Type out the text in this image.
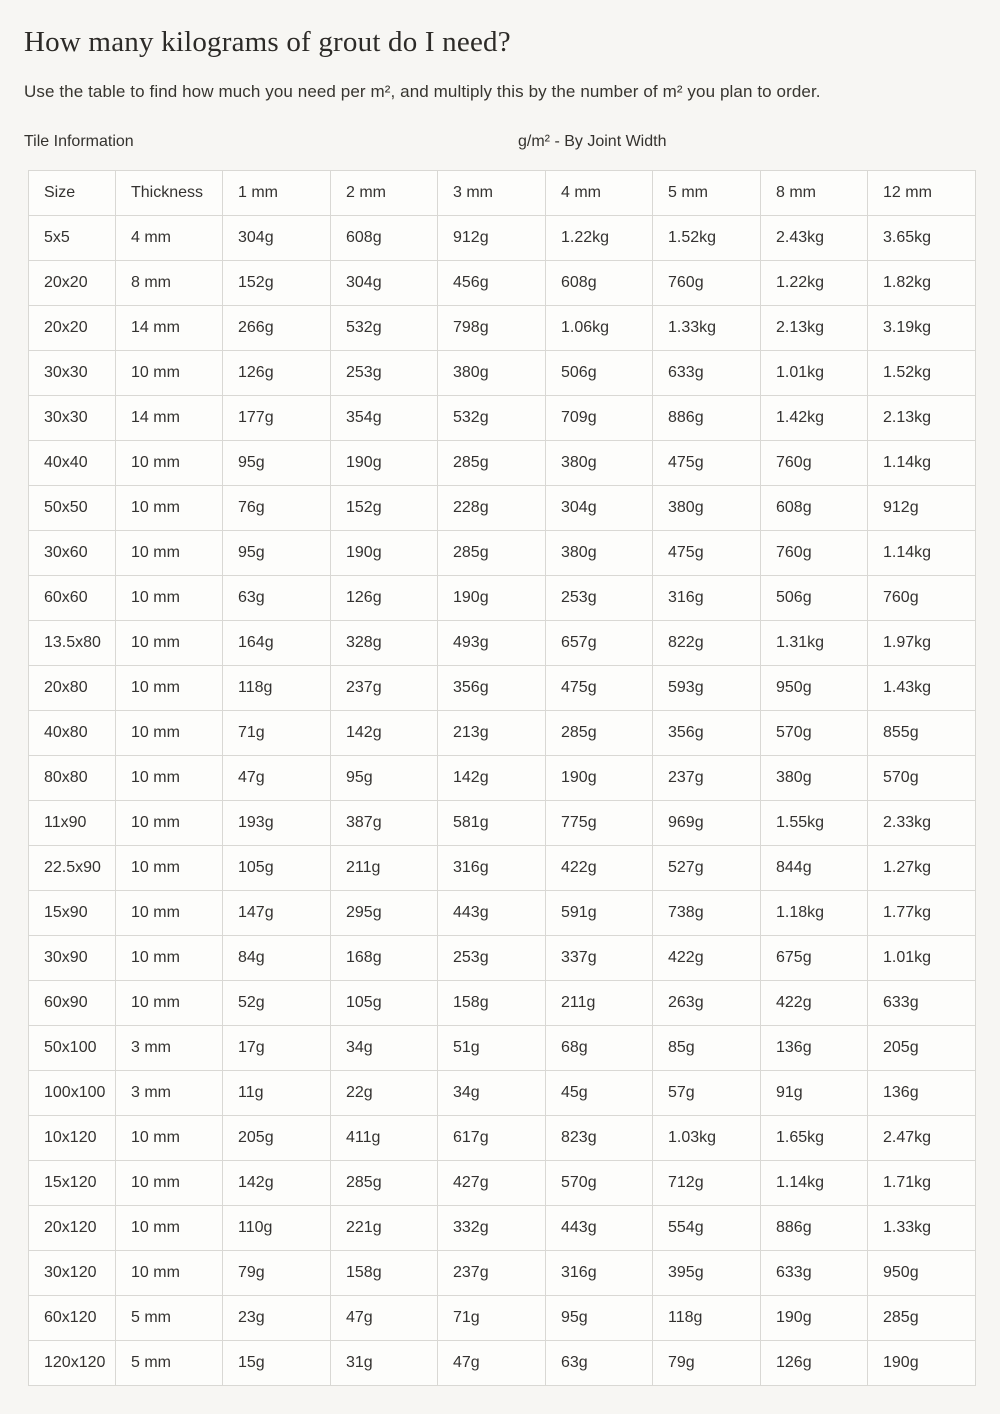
How many kilograms of grout do I need?

Use the table to find how much you need per m², and multiply this by the number of m² you plan to order.

Tile Information	g/m² - By Joint Width
Size	Thickness	1 mm	2 mm	3 mm	4 mm	5 mm	8 mm	12 mm
5x5	4 mm	304g	608g	912g	1.22kg	1.52kg	2.43kg	3.65kg
20x20	8 mm	152g	304g	456g	608g	760g	1.22kg	1.82kg
20x20	14 mm	266g	532g	798g	1.06kg	1.33kg	2.13kg	3.19kg
30x30	10 mm	126g	253g	380g	506g	633g	1.01kg	1.52kg
30x30	14 mm	177g	354g	532g	709g	886g	1.42kg	2.13kg
40x40	10 mm	95g	190g	285g	380g	475g	760g	1.14kg
50x50	10 mm	76g	152g	228g	304g	380g	608g	912g
30x60	10 mm	95g	190g	285g	380g	475g	760g	1.14kg
60x60	10 mm	63g	126g	190g	253g	316g	506g	760g
13.5x80	10 mm	164g	328g	493g	657g	822g	1.31kg	1.97kg
20x80	10 mm	118g	237g	356g	475g	593g	950g	1.43kg
40x80	10 mm	71g	142g	213g	285g	356g	570g	855g
80x80	10 mm	47g	95g	142g	190g	237g	380g	570g
11x90	10 mm	193g	387g	581g	775g	969g	1.55kg	2.33kg
22.5x90	10 mm	105g	211g	316g	422g	527g	844g	1.27kg
15x90	10 mm	147g	295g	443g	591g	738g	1.18kg	1.77kg
30x90	10 mm	84g	168g	253g	337g	422g	675g	1.01kg
60x90	10 mm	52g	105g	158g	211g	263g	422g	633g
50x100	3 mm	17g	34g	51g	68g	85g	136g	205g
100x100	3 mm	11g	22g	34g	45g	57g	91g	136g
10x120	10 mm	205g	411g	617g	823g	1.03kg	1.65kg	2.47kg
15x120	10 mm	142g	285g	427g	570g	712g	1.14kg	1.71kg
20x120	10 mm	110g	221g	332g	443g	554g	886g	1.33kg
30x120	10 mm	79g	158g	237g	316g	395g	633g	950g
60x120	5 mm	23g	47g	71g	95g	118g	190g	285g
120x120	5 mm	15g	31g	47g	63g	79g	126g	190g
